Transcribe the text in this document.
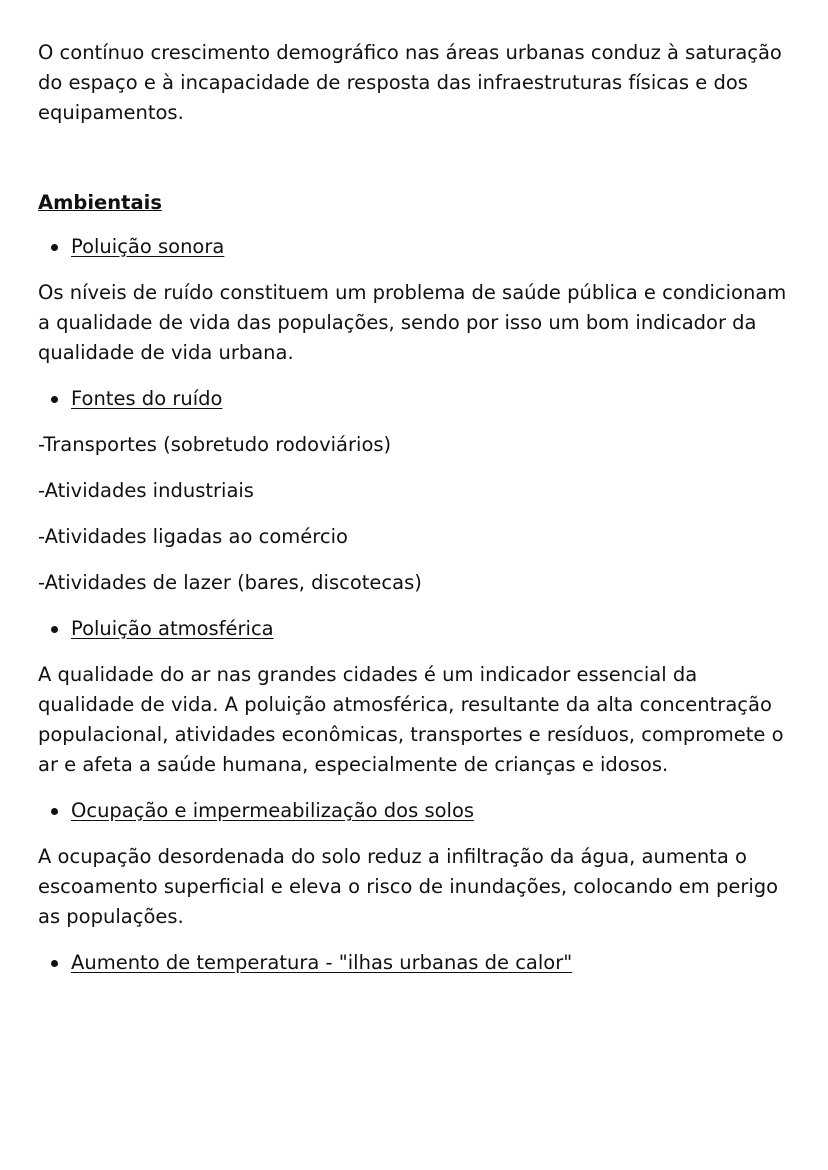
O contínuo crescimento demográfico nas áreas urbanas conduz à saturação do espaço e à incapacidade de resposta das infraestruturas físicas e dos equipamentos.

Ambientais

Poluição sonora

Os níveis de ruído constituem um problema de saúde pública e condicionam a qualidade de vida das populações, sendo por isso um bom indicador da qualidade de vida urbana.

Fontes do ruído

-Transportes (sobretudo rodoviários)

-Atividades industriais

-Atividades ligadas ao comércio

-Atividades de lazer (bares, discotecas)

Poluição atmosférica

A qualidade do ar nas grandes cidades é um indicador essencial da qualidade de vida. A poluição atmosférica, resultante da alta concentração populacional, atividades econômicas, transportes e resíduos, compromete o ar e afeta a saúde humana, especialmente de crianças e idosos.

Ocupação e impermeabilização dos solos

A ocupação desordenada do solo reduz a infiltração da água, aumenta o escoamento superficial e eleva o risco de inundações, colocando em perigo as populações.

Aumento de temperatura - "ilhas urbanas de calor"
